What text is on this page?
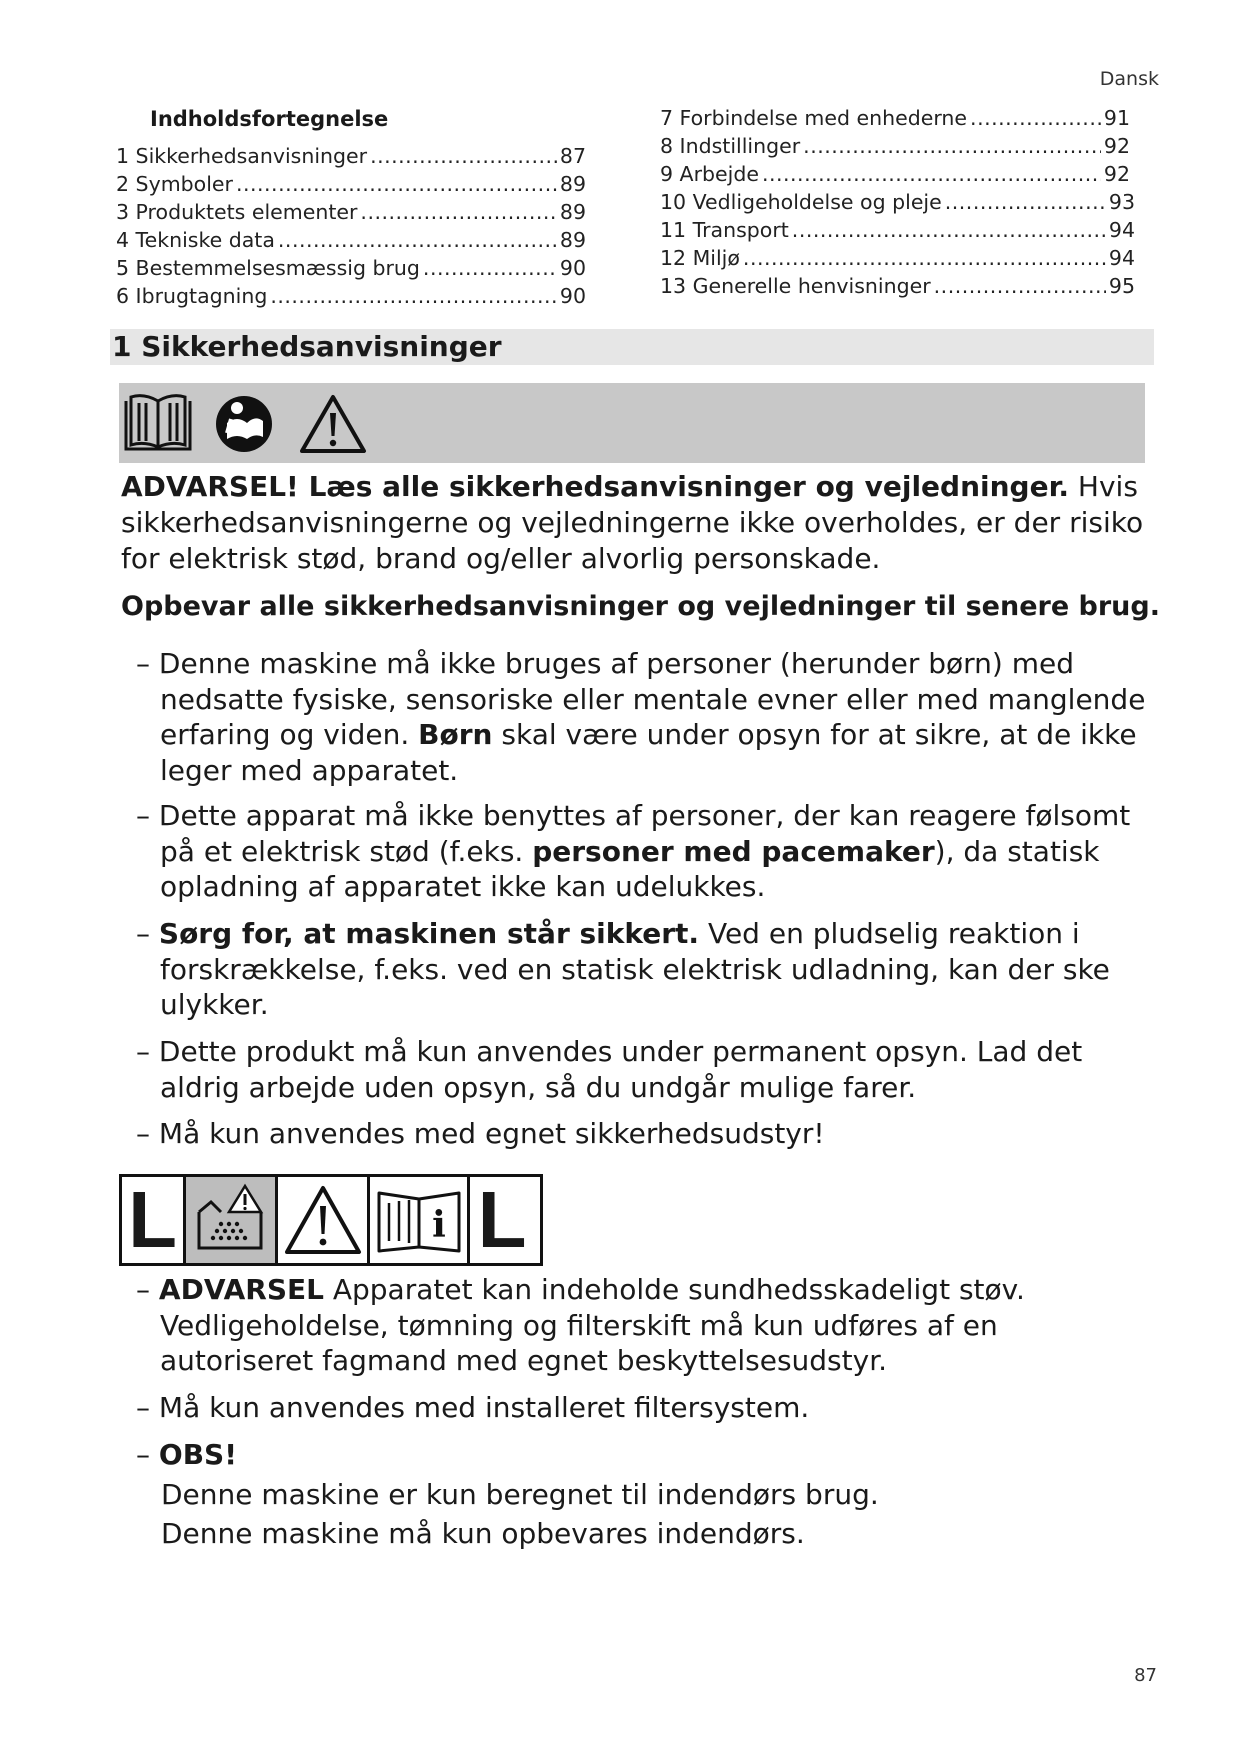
Dansk
Indholdsfortegnelse
1 Sikkerhedsanvisninger .....	87
2 Symboler .....	89
3 Produktets elementer .....	89
4 Tekniske data .....	89
5 Bestemmelsesmæssig brug .....	90
6 Ibrugtagning .....	90
7 Forbindelse med enhederne .....	91
8 Indstillinger .....	92
9 Arbejde .....	92
10 Vedligeholdelse og pleje .....	93
11 Transport .....	94
12 Miljø .....	94
13 Generelle henvisninger .....	95
1 Sikkerhedsanvisninger
ADVARSEL! Læs alle sikkerhedsanvisninger og vejledninger. Hvis
sikkerhedsanvisningerne og vejledningerne ikke overholdes, er der risiko
for elektrisk stød, brand og/eller alvorlig personskade.
Opbevar alle sikkerhedsanvisninger og vejledninger til senere brug.
– Denne maskine må ikke bruges af personer (herunder børn) med nedsatte fysiske, sensoriske eller mentale evner eller med manglende erfaring og viden. Børn skal være under opsyn for at sikre, at de ikke leger med apparatet.
– Dette apparat må ikke benyttes af personer, der kan reagere følsomt på et elektrisk stød (f.eks. personer med pacemaker), da statisk opladning af apparatet ikke kan udelukkes.
– Sørg for, at maskinen står sikkert. Ved en pludselig reaktion i forskrækkelse, f.eks. ved en statisk elektrisk udladning, kan der ske ulykker.
– Dette produkt må kun anvendes under permanent opsyn. Lad det aldrig arbejde uden opsyn, så du undgår mulige farer.
– Må kun anvendes med egnet sikkerhedsudstyr!
L	i L
– ADVARSEL Apparatet kan indeholde sundhedsskadeligt støv. Vedligeholdelse, tømning og filterskift må kun udføres af en autoriseret fagmand med egnet beskyttelsesudstyr.
– Må kun anvendes med installeret filtersystem.
– OBS!
Denne maskine er kun beregnet til indendørs brug.
Denne maskine må kun opbevares indendørs.
87
